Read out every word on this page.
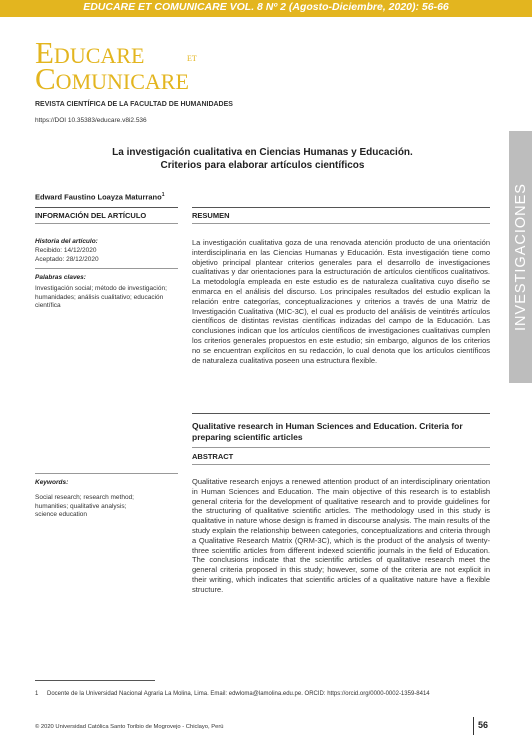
EDUCARE ET COMUNICARE VOL. 8 Nº 2 (Agosto-Diciembre, 2020): 56-66
Educare	et
Comunicare
REVISTA CIENTÍFICA DE LA FACULTAD DE HUMANIDADES
https://DOI 10.35383/educare.v8i2.536
INVESTIGACIONES
La investigación cualitativa en Ciencias Humanas y Educación.
Criterios para elaborar artículos científicos
Edward Faustino Loayza Maturrano$^1$
INFORMACIÓN DEL ARTÍCULO	RESUMEN
Historia del artículo:
Recibido: 14/12/2020
Aceptado: 28/12/2020
Palabras claves:
Investigación social; método de investigación; humanidades; análisis cualitativo; educación científica
La investigación cualitativa goza de una renovada atención producto de una orientación interdisciplinaria en las Ciencias Humanas y Educación. Esta investigación tiene como objetivo principal plantear criterios generales para el desarrollo de investigaciones cualitativas y dar orientaciones para la estructuración de artículos científicos cualitativos. La metodología empleada en este estudio es de naturaleza cualitativa cuyo diseño se enmarca en el análisis del discurso. Los principales resultados del estudio explican la relación entre categorías, conceptualizaciones y criterios a través de una Matriz de Investigación Cualitativa (MIC-3C), el cual es producto del análisis de veintitrés artículos científicos de distintas revistas científicas indizadas del campo de la Educación. Las conclusiones indican que los artículos científicos de investigaciones cualitativas cumplen los criterios generales propuestos en este estudio; sin embargo, algunos de los criterios no se encuentran explícitos en su redacción, lo cual denota que los artículos científicos de naturaleza cualitativa poseen una estructura flexible.
Qualitative research in Human Sciences and Education. Criteria for preparing scientific articles
ABSTRACT
Keywords:
Social research; research method; humanities; qualitative analysis; science education
Qualitative research enjoys a renewed attention product of an interdisciplinary orientation in Human Sciences and Education. The main objective of this research is to establish general criteria for the development of qualitative research and to provide guidelines for the structuring of qualitative scientific articles. The methodology used in this study is qualitative in nature whose design is framed in discourse analysis. The main results of the study explain the relationship between categories, conceptualizations and criteria through a Qualitative Research Matrix (QRM-3C), which is the product of the analysis of twenty-three scientific articles from different indexed scientific journals in the field of Education. The conclusions indicate that the scientific articles of qualitative research meet the general criteria proposed in this study; however, some of the criteria are not explicit in their writing, which indicates that scientific articles of a qualitative nature have a flexible structure.
1 Docente de la Universidad Nacional Agraria La Molina, Lima. Email: edwloma@lamolina.edu.pe. ORCID: https://orcid.org/0000-0002-1359-8414
© 2020 Universidad Católica Santo Toribio de Mogrovejo - Chiclayo, Perú	56
